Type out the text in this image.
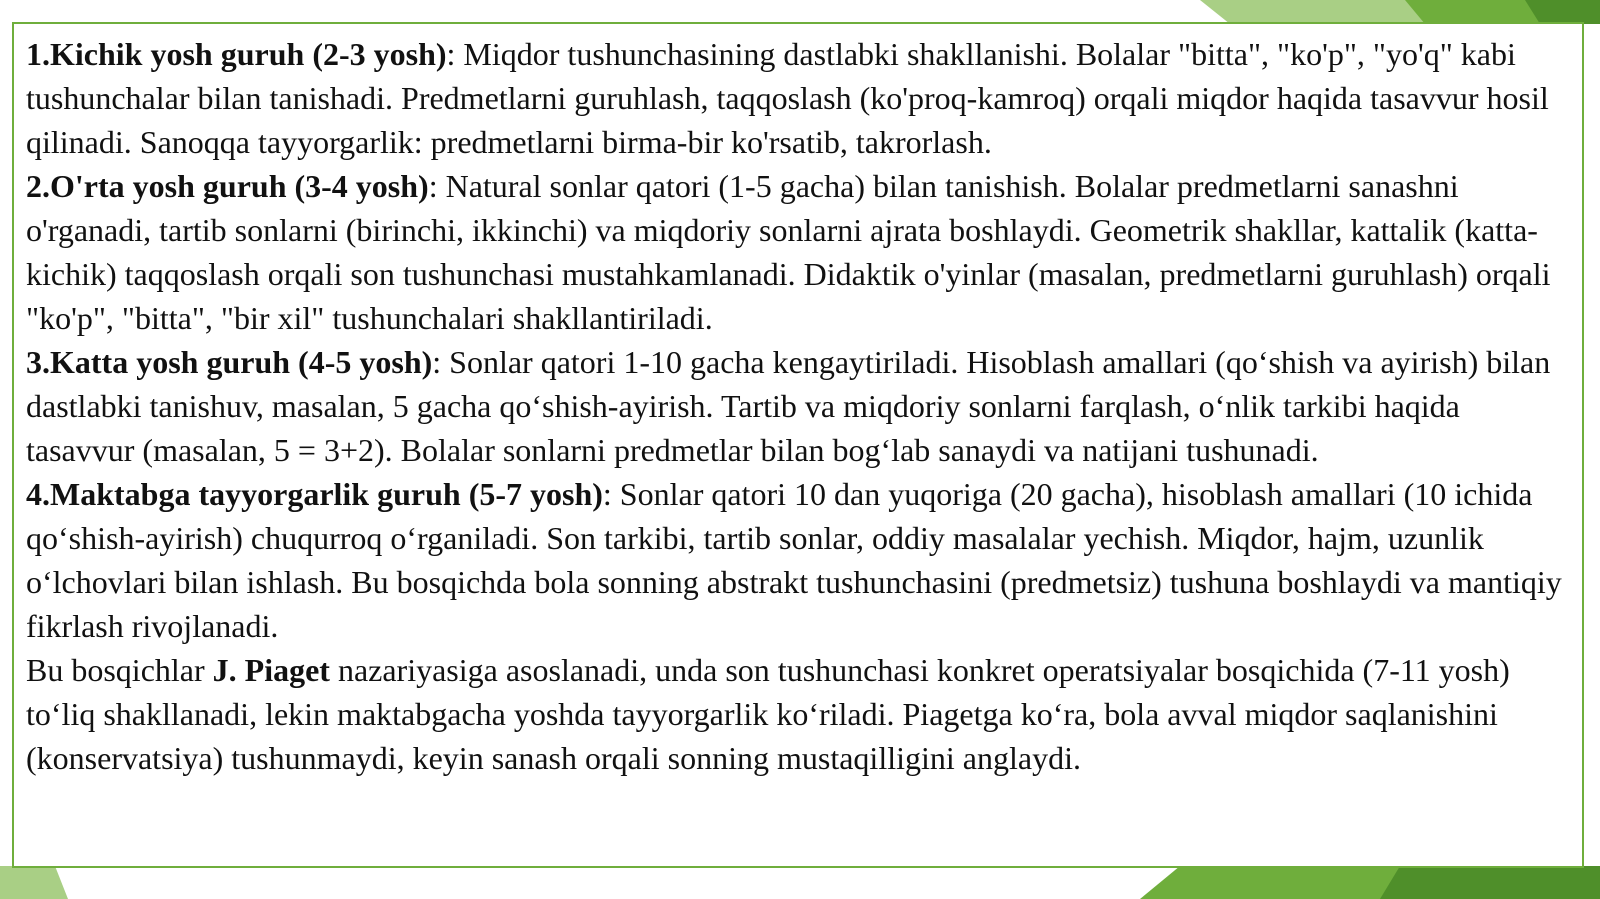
1.Kichik yosh guruh (2-3 yosh): Miqdor tushunchasining dastlabki shakllanishi. Bolalar "bitta", "ko'p", "yo'q" kabi tushunchalar bilan tanishadi. Predmetlarni guruhlash, taqqoslash (ko'proq-kamroq) orqali miqdor haqida tasavvur hosil qilinadi. Sanoqqa tayyorgarlik: predmetlarni birma-bir ko'rsatib, takrorlash.

2.O'rta yosh guruh (3-4 yosh): Natural sonlar qatori (1-5 gacha) bilan tanishish. Bolalar predmetlarni sanashni o'rganadi, tartib sonlarni (birinchi, ikkinchi) va miqdoriy sonlarni ajrata boshlaydi. Geometrik shakllar, kattalik (katta-kichik) taqqoslash orqali son tushunchasi mustahkamlanadi. Didaktik o'yinlar (masalan, predmetlarni guruhlash) orqali "ko'p", "bitta", "bir xil" tushunchalari shakllantiriladi.

3.Katta yosh guruh (4-5 yosh): Sonlar qatori 1-10 gacha kengaytiriladi. Hisoblash amallari (qoʻshish va ayirish) bilan dastlabki tanishuv, masalan, 5 gacha qoʻshish-ayirish. Tartib va miqdoriy sonlarni farqlash, oʻnlik tarkibi haqida tasavvur (masalan, 5 = 3+2). Bolalar sonlarni predmetlar bilan bogʻlab sanaydi va natijani tushunadi.

4.Maktabga tayyorgarlik guruh (5-7 yosh): Sonlar qatori 10 dan yuqoriga (20 gacha), hisoblash amallari (10 ichida qoʻshish-ayirish) chuqurroq oʻrganiladi. Son tarkibi, tartib sonlar, oddiy masalalar yechish. Miqdor, hajm, uzunlik oʻlchovlari bilan ishlash. Bu bosqichda bola sonning abstrakt tushunchasini (predmetsiz) tushuna boshlaydi va mantiqiy fikrlash rivojlanadi.

Bu bosqichlar J. Piaget nazariyasiga asoslanadi, unda son tushunchasi konkret operatsiyalar bosqichida (7-11 yosh) toʻliq shakllanadi, lekin maktabgacha yoshda tayyorgarlik koʻriladi. Piagetga koʻra, bola avval miqdor saqlanishini (konservatsiya) tushunmaydi, keyin sanash orqali sonning mustaqilligini anglaydi.
